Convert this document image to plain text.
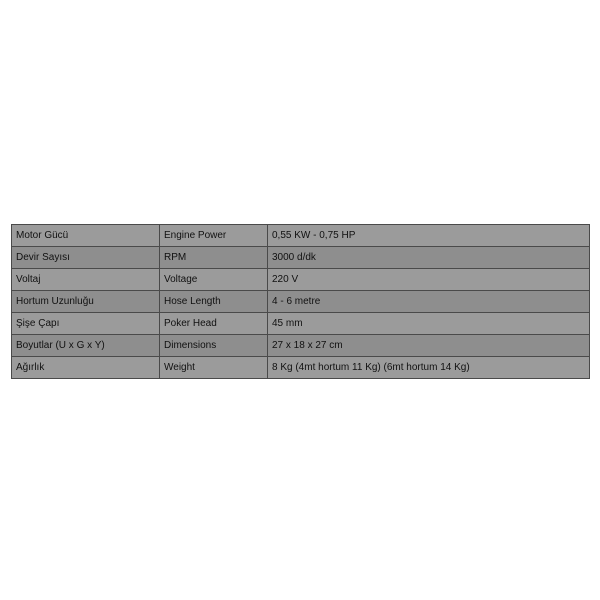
Motor Gücü	Engine Power	0,55 KW - 0,75 HP
Devir Sayısı	RPM	3000 d/dk
Voltaj	Voltage	220 V
Hortum Uzunluğu	Hose Length	4 - 6 metre
Şişe Çapı	Poker Head	45 mm
Boyutlar (U x G x Y)	Dimensions	27 x 18 x 27 cm
Ağırlık	Weight	8 Kg (4mt hortum 11 Kg) (6mt hortum 14 Kg)
